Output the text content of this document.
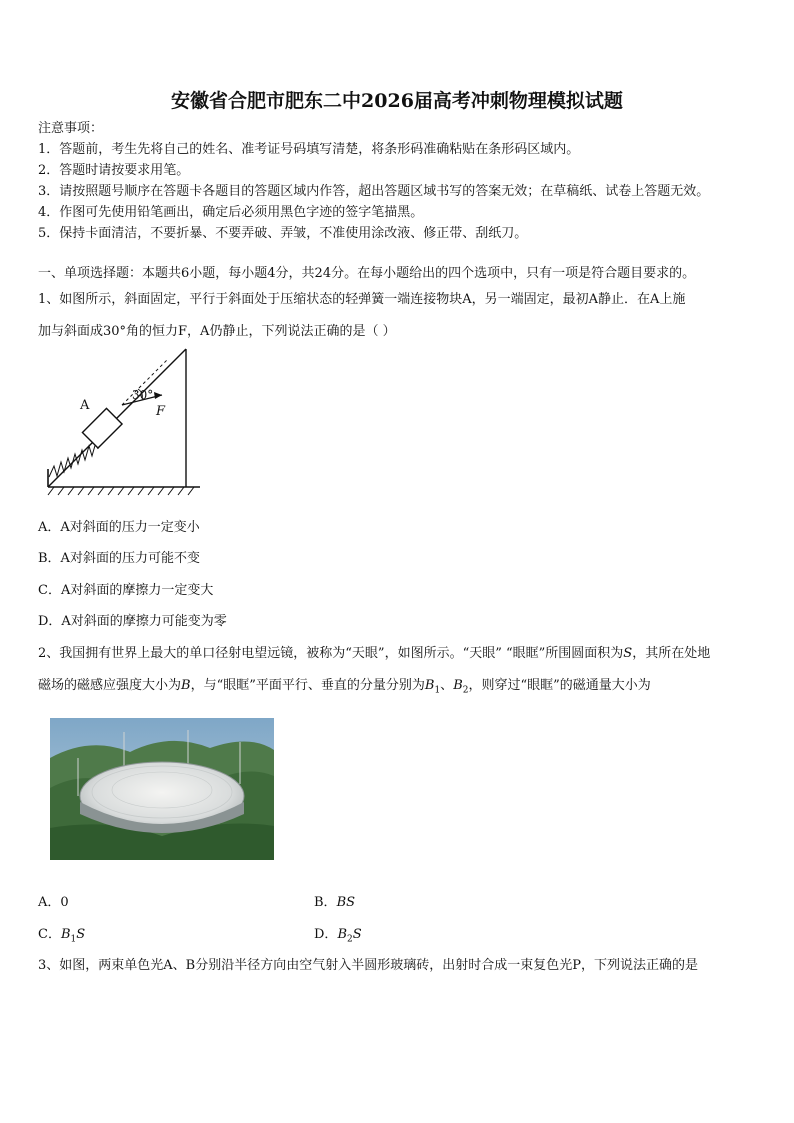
安徽省合肥市肥东二中2026届高考冲刺物理模拟试题
注意事项：
1．答题前，考生先将自己的姓名、准考证号码填写清楚，将条形码准确粘贴在条形码区域内。
2．答题时请按要求用笔。
3．请按照题号顺序在答题卡各题目的答题区域内作答，超出答题区域书写的答案无效；在草稿纸、试卷上答题无效。
4．作图可先使用铅笔画出，确定后必须用黑色字迹的签字笔描黑。
5．保持卡面清洁，不要折暴、不要弄破、弄皱，不准使用涂改液、修正带、刮纸刀。
一、单项选择题：本题共6小题，每小题4分，共24分。在每小题给出的四个选项中，只有一项是符合题目要求的。
1、如图所示，斜面固定，平行于斜面处于压缩状态的轻弹簧一端连接物块A，另一端固定，最初A静止．在A上施
加与斜面成30°角的恒力F，A仍静止，下列说法正确的是（ ）
A
30°
F
A．A对斜面的压力一定变小
B．A对斜面的压力可能不变
C．A对斜面的摩擦力一定变大
D．A对斜面的摩擦力可能变为零
2、我国拥有世界上最大的单口径射电望远镜，被称为“天眼”，如图所示。“天眼” “眼眶”所围圆面积为S，其所在处地
磁场的磁感应强度大小为B，与“眼眶”平面平行、垂直的分量分别为$B_1$、$B_2$，则穿过“眼眶”的磁通量大小为
A．0	B．BS
C．$B_1S$	D．$B_2S$
3、如图，两束单色光A、B分别沿半径方向由空气射入半圆形玻璃砖，出射时合成一束复色光P，下列说法正确的是
